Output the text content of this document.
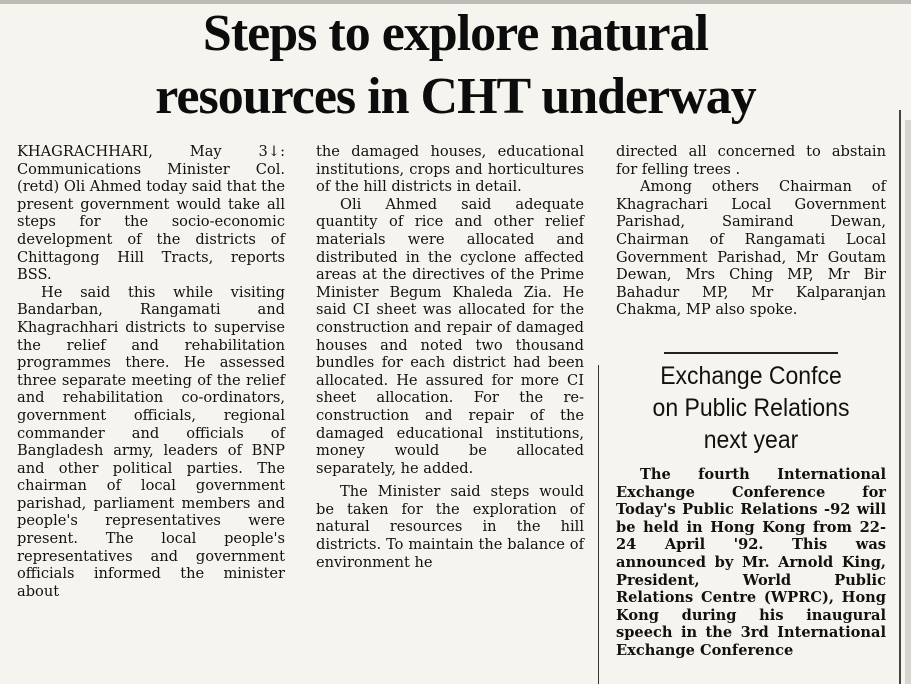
Steps to explore natural
resources in CHT underway

KHAGRACHHARI, May 3↓: Communications Minister Col. (retd) Oli Ahmed today said that the present government would take all steps for the socio-economic development of the districts of Chittagong Hill Tracts, reports BSS.

He said this while visiting Bandarban, Rangamati and Khagrachhari districts to supervise the relief and rehabilitation programmes there. He assessed three separate meeting of the relief and rehabilitation co-ordinators, government officials, regional commander and officials of Bangladesh army, leaders of BNP and other political parties. The chairman of local government parishad, parliament members and people's representatives were present. The local people's representatives and government officials informed the minister about

the damaged houses, educational institutions, crops and horticultures of the hill districts in detail.

Oli Ahmed said adequate quantity of rice and other relief materials were allocated and distributed in the cyclone affected areas at the directives of the Prime Minister Begum Khaleda Zia. He said CI sheet was allocated for the construction and repair of damaged houses and noted two thousand bundles for each district had been allocated. He assured for more CI sheet allocation. For the re-construction and repair of the damaged educational institutions, money would be allocated separately, he added.

The Minister said steps would be taken for the exploration of natural resources in the hill districts. To maintain the balance of environment he

directed all concerned to abstain for felling trees .

Among others Chairman of Khagrachari Local Government Parishad, Samirand Dewan, Chairman of Rangamati Local Government Parishad, Mr Goutam Dewan, Mrs Ching MP, Mr Bir Bahadur MP, Mr Kalparanjan Chakma, MP also spoke.

Exchange Confce
on Public Relations
next year

The fourth International Exchange Conference for Today's Public Relations -92 will be held in Hong Kong from 22-24 April '92. This was announced by Mr. Arnold King, President, World Public Relations Centre (WPRC), Hong Kong during his inaugural speech in the 3rd International Exchange Conference
